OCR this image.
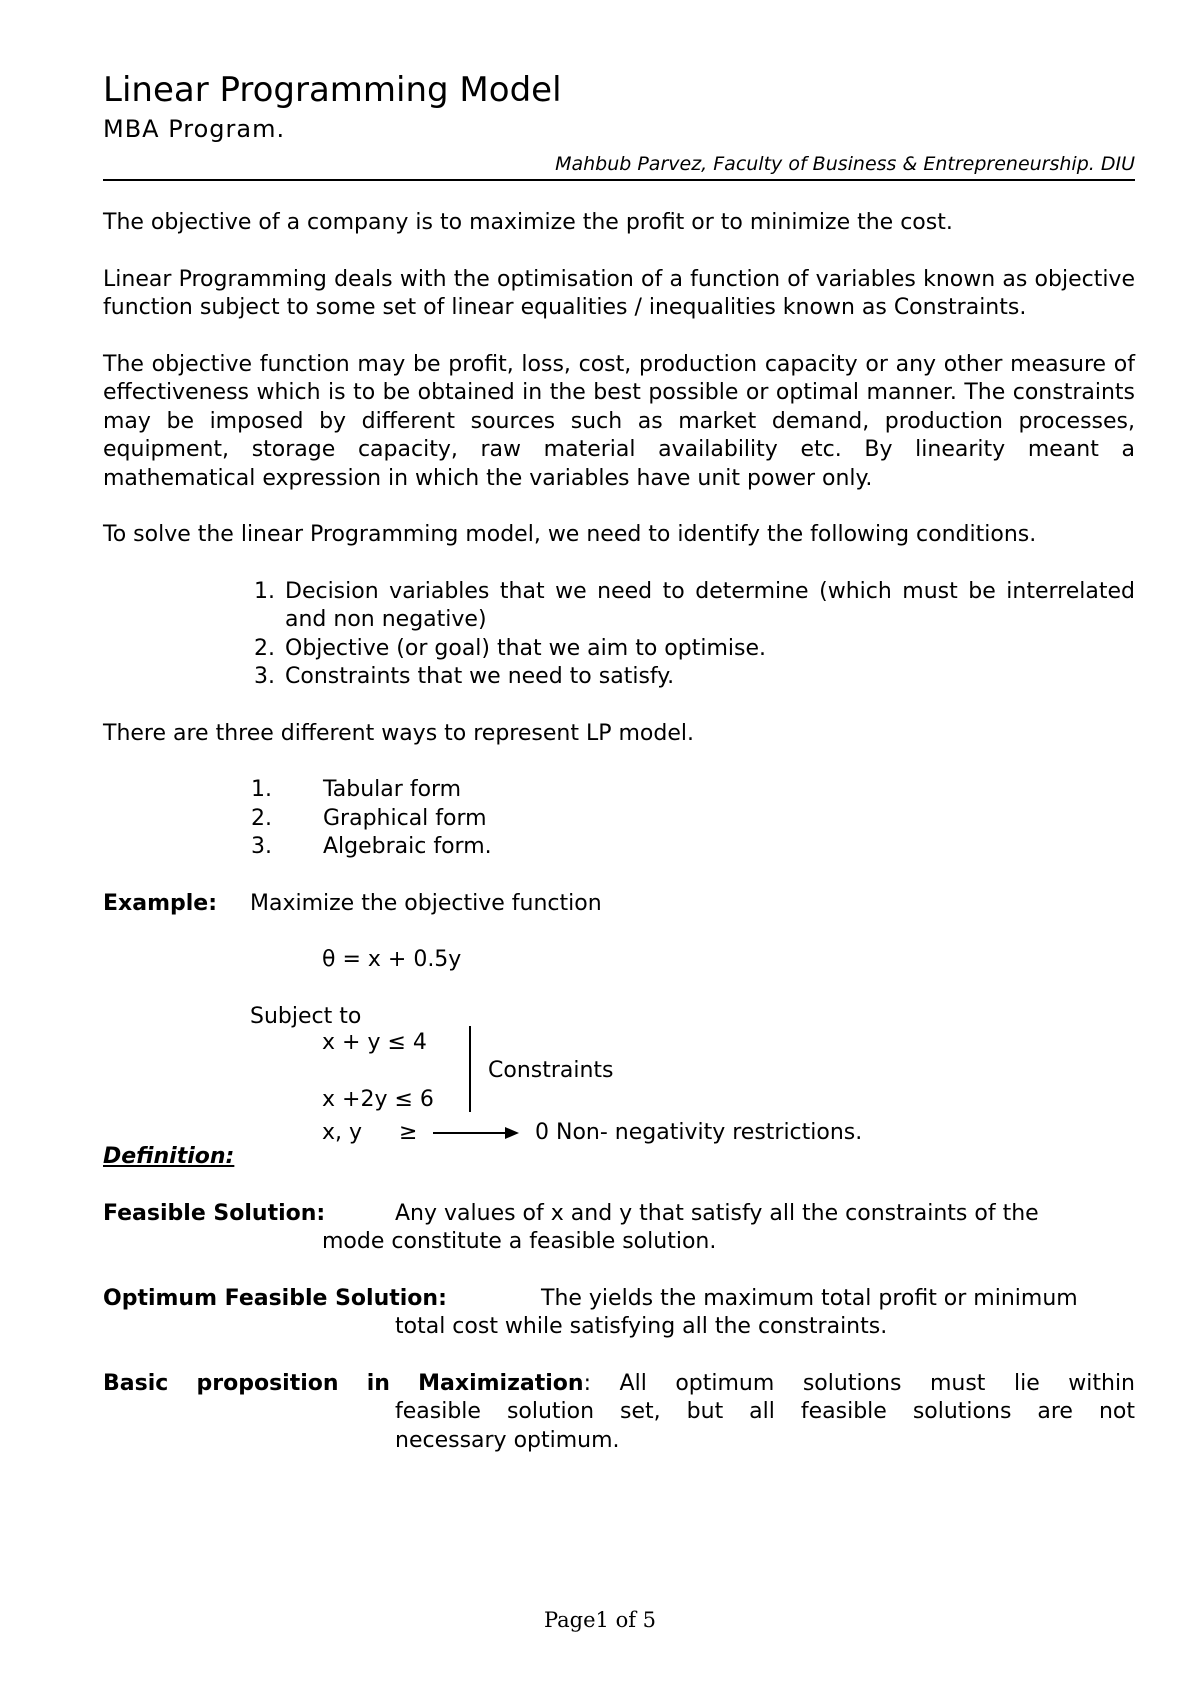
Linear Programming Model
MBA Program.
Mahbub Parvez, Faculty of Business & Entrepreneurship. DIU

The objective of a company is to maximize the profit or to minimize the cost.

Linear Programming deals with the optimisation of a function of variables known as objective function subject to some set of linear equalities / inequalities known as Constraints.

The objective function may be profit, loss, cost, production capacity or any other measure of effectiveness which is to be obtained in the best possible or optimal manner. The constraints may be imposed by different sources such as market demand, production processes, equipment, storage capacity, raw material availability etc. By linearity meant a mathematical expression in which the variables have unit power only.

To solve the linear Programming model, we need to identify the following conditions.

1. Decision variables that we need to determine (which must be interrelated and non negative)
2. Objective (or goal) that we aim to optimise.
3. Constraints that we need to satisfy.

There are three different ways to represent LP model.

1. Tabular form
2. Graphical form
3. Algebraic form.
Example: Maximize the objective function
θ = x + 0.5y
Subject to
x + y ≤ 4
x +2y ≤ 6
Constraints
x, y ≥	0 Non- negativity restrictions.

Definition:

Feasible Solution:	Any values of x and y that satisfy all the constraints of the
mode constitute a feasible solution.
Optimum Feasible Solution:	The yields the maximum total profit or minimum
total cost while satisfying all the constraints.
Basic proposition in Maximization: All optimum solutions must lie within
feasible solution set, but all feasible solutions are not
necessary optimum.
Page1 of 5
